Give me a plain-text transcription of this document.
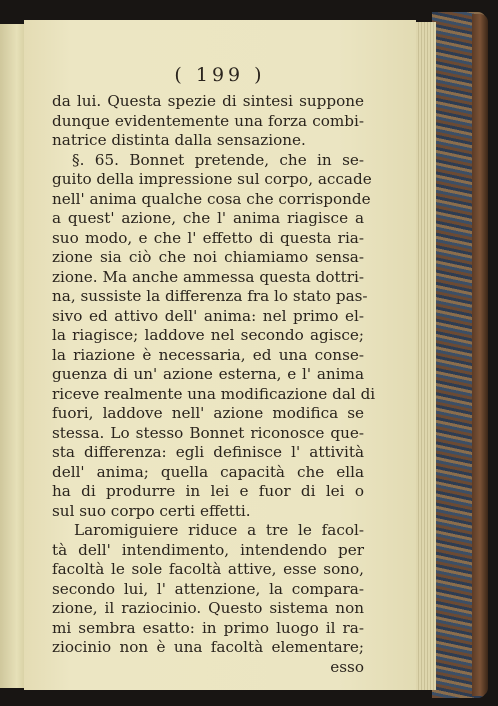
( 199 )
da lui. Questa spezie di sintesi suppone
dunque evidentemente una forza combi-
natrice distinta dalla sensazione.
§. 65. Bonnet pretende, che in se-
guito della impressione sul corpo, accade
nell' anima qualche cosa che corrisponde
a quest' azione, che l' anima riagisce a
suo modo, e che l' effetto di questa ria-
zione sia ciò che noi chiamiamo sensa-
zione. Ma anche ammessa questa dottri-
na, sussiste la differenza fra lo stato pas-
sivo ed attivo dell' anima: nel primo el-
la riagisce; laddove nel secondo agisce;
la riazione è necessaria, ed una conse-
guenza di un' azione esterna, e l' anima
riceve realmente una modificazione dal di
fuori, laddove nell' azione modifica se
stessa. Lo stesso Bonnet riconosce que-
sta differenza: egli definisce l' attività
dell' anima; quella capacità che ella
ha di produrre in lei e fuor di lei o
sul suo corpo certi effetti.
Laromiguiere riduce a tre le facol-
tà dell' intendimento, intendendo per
facoltà le sole facoltà attive, esse sono,
secondo lui, l' attenzione, la compara-
zione, il raziocinio. Questo sistema non
mi sembra esatto: in primo luogo il ra-
ziocinio non è una facoltà elementare;
esso
